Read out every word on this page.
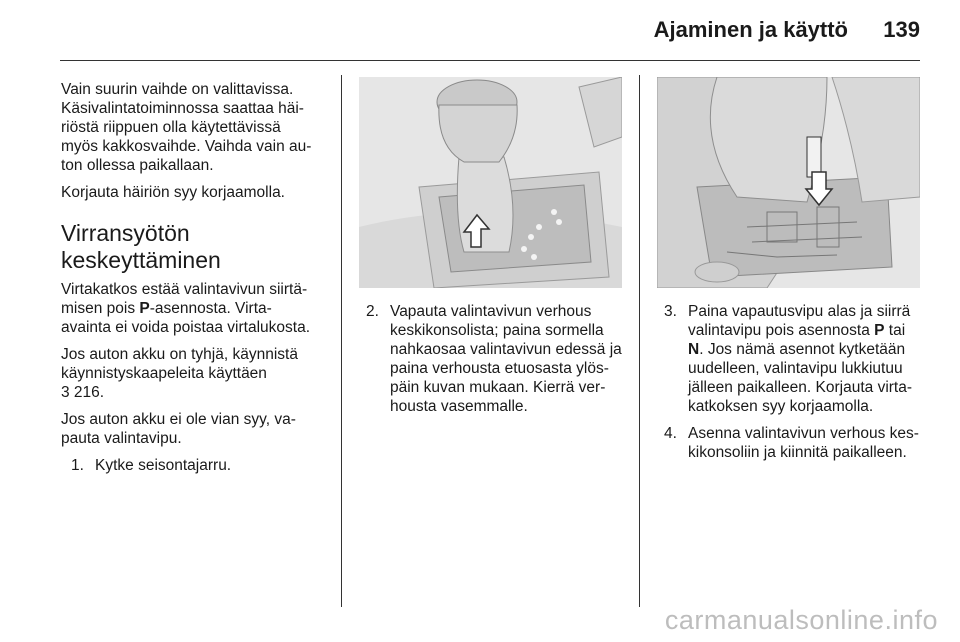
Ajaminen ja käyttö 139

Vain suurin vaihde on valittavissa.
Käsivalintatoiminnossa saattaa häi-
riöstä riippuen olla käytettävissä
myös kakkosvaihde. Vaihda vain au-
ton ollessa paikallaan.

Korjauta häiriön syy korjaamolla.

Virransyötön
keskeyttäminen

Virtakatkos estää valintavivun siirtä-
misen pois P-asennosta. Virta-
avainta ei voida poistaa virtalukosta.

Jos auton akku on tyhjä, käynnistä
käynnistyskaapeleita käyttäen
3 216.

Jos auton akku ei ole vian syy, va-
pauta valintavipu.

1. Kytke seisontajarru.
2. Vapauta valintavivun verhous
keskikonsolista; paina sormella
nahkaosaa valintavivun edessä ja
paina verhousta etuosasta ylös-
päin kuvan mukaan. Kierrä ver-
housta vasemmalle.
3. Paina vapautusvipu alas ja siirrä
valintavipu pois asennosta P tai
N. Jos nämä asennot kytketään
uudelleen, valintavipu lukkiutuu
jälleen paikalleen. Korjauta virta-
katkoksen syy korjaamolla.
4. Asenna valintavivun verhous kes-
kikonsoliin ja kiinnitä paikalleen.
carmanualsonline.info
